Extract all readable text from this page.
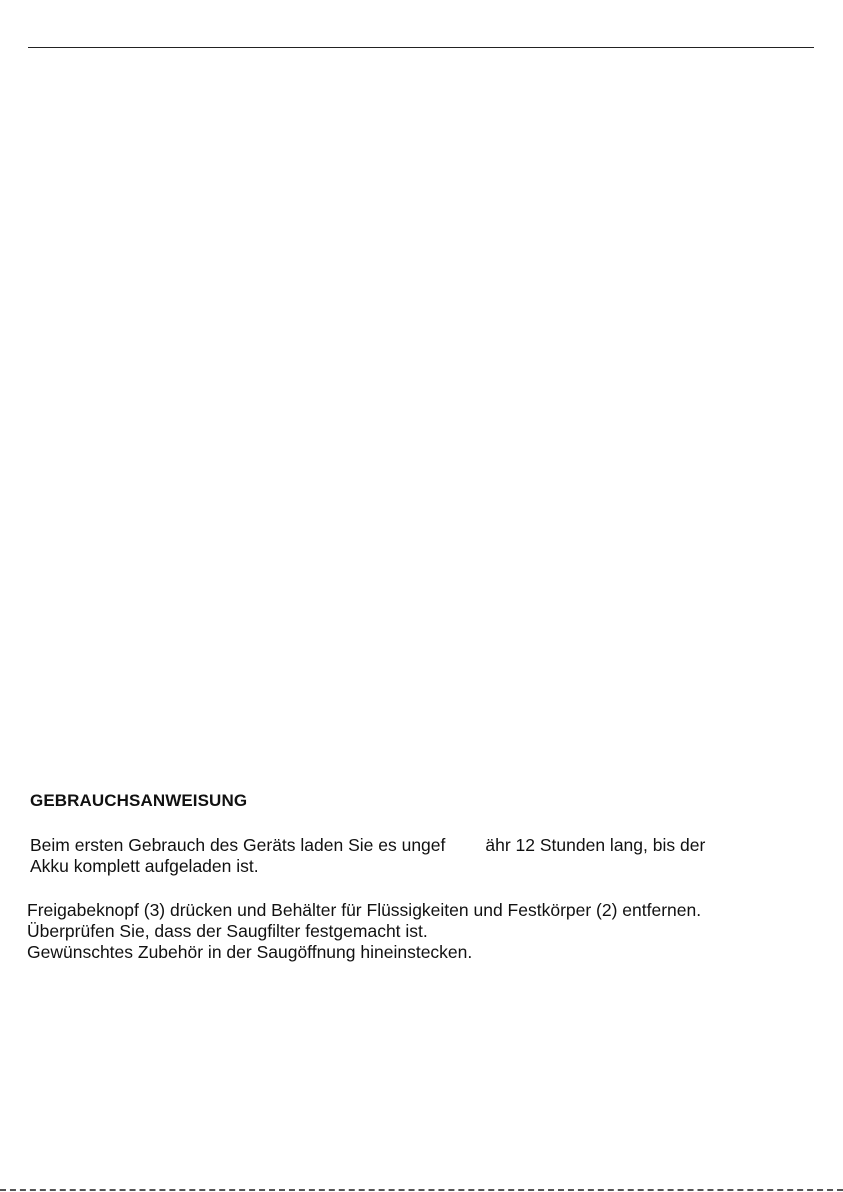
GEBRAUCHSANWEISUNG
Beim ersten Gebrauch des Geräts laden Sie es ungef ähr 12 Stunden lang, bis der
Akku komplett aufgeladen ist.
Freigabeknopf (3) drücken und Behälter für Flüssigkeiten und Festkörper (2) entfernen.
Überprüfen Sie, dass der Saugfilter festgemacht ist.
Gewünschtes Zubehör in der Saugöffnung hineinstecken.
